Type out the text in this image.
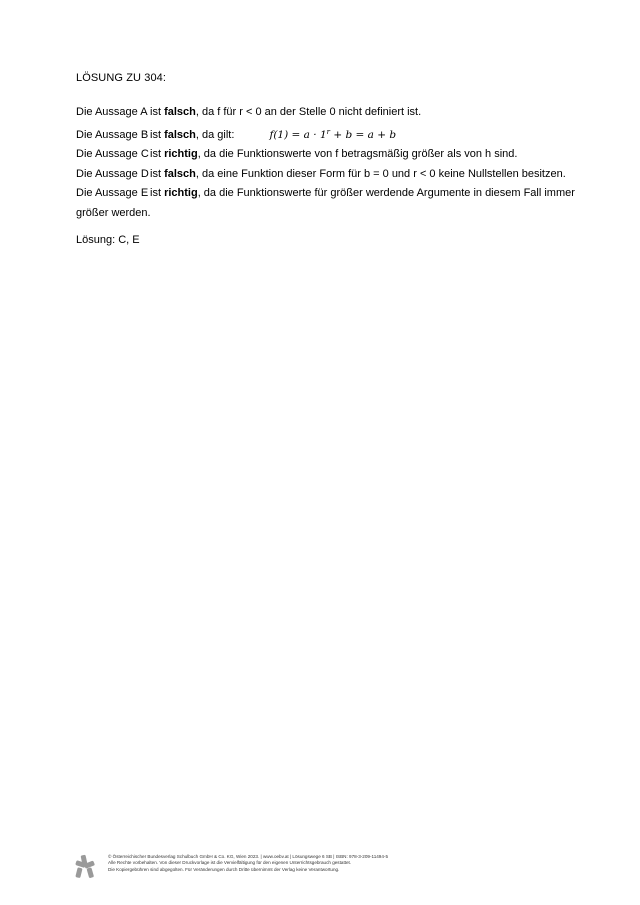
LÖSUNG ZU 304:
Die Aussage A ist falsch, da f für r < 0 an der Stelle 0 nicht definiert ist.
Die Aussage B ist falsch, da gilt:	$f(1) = a \cdot 1^r + b = a + b$
Die Aussage Cist richtig, da die Funktionswerte von f betragsmäßig größer als von h sind.
Die Aussage Dist falsch, da eine Funktion dieser Form für b = 0 und r < 0 keine Nullstellen besitzen.
Die Aussage E ist richtig, da die Funktionswerte für größer werdende Argumente in diesem Fall immer größer werden.
Lösung: C, E
© Österreichischer Bundesverlag Schulbuch GmbH & Co. KG, Wien 2023. | www.oebv.at | Lösungswege 6 SB | ISBN: 978-3-209-11494-5
Alle Rechte vorbehalten. Von dieser Druckvorlage ist die Vervielfältigung für den eigenen Unterrichtsgebrauch gestattet.
Die Kopiergebühren sind abgegolten. Für Veränderungen durch Dritte übernimmt der Verlag keine Verantwortung.
